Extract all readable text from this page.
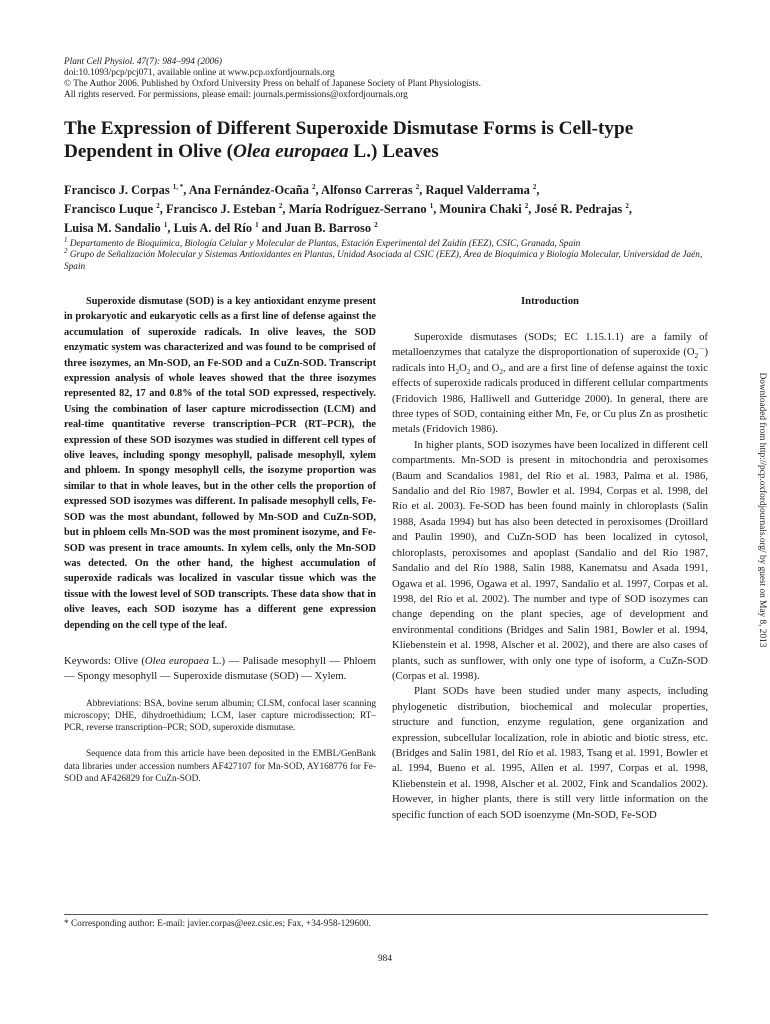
Plant Cell Physiol. 47(7): 984–994 (2006)
doi:10.1093/pcp/pcj071, available online at www.pcp.oxfordjournals.org
© The Author 2006. Published by Oxford University Press on behalf of Japanese Society of Plant Physiologists.
All rights reserved. For permissions, please email: journals.permissions@oxfordjournals.org
The Expression of Different Superoxide Dismutase Forms is Cell-type Dependent in Olive (Olea europaea L.) Leaves
Francisco J. Corpas $^{1, *}$, Ana Fernández-Ocaña $^2$, Alfonso Carreras $^2$, Raquel Valderrama $^2$,
Francisco Luque $^2$, Francisco J. Esteban $^2$, María Rodríguez-Serrano $^1$, Mounira Chaki $^2$, José R. Pedrajas $^2$,
Luisa M. Sandalio $^1$, Luis A. del Río $^1$ and Juan B. Barroso $^2$
$^1$ Departamento de Bioquímica, Biología Celular y Molecular de Plantas, Estación Experimental del Zaidín (EEZ), CSIC, Granada, Spain
$^2$ Grupo de Señalización Molecular y Sistemas Antioxidantes en Plantas, Unidad Asociada al CSIC (EEZ), Área de Bioquímica y Biología Molecular, Universidad de Jaén, Spain

Superoxide dismutase (SOD) is a key antioxidant enzyme present in prokaryotic and eukaryotic cells as a first line of defense against the accumulation of superoxide radicals. In olive leaves, the SOD enzymatic system was characterized and was found to be comprised of three isozymes, an Mn-SOD, an Fe-SOD and a CuZn-SOD. Transcript expression analysis of whole leaves showed that the three isozymes represented 82, 17 and 0.8% of the total SOD expressed, respectively. Using the combination of laser capture microdissection (LCM) and real-time quantitative reverse transcription–PCR (RT–PCR), the expression of these SOD isozymes was studied in different cell types of olive leaves, including spongy mesophyll, palisade mesophyll, xylem and phloem. In spongy mesophyll cells, the isozyme proportion was similar to that in whole leaves, but in the other cells the proportion of expressed SOD isozymes was different. In palisade mesophyll cells, Fe-SOD was the most abundant, followed by Mn-SOD and CuZn-SOD, but in phloem cells Mn-SOD was the most prominent isozyme, and Fe-SOD was present in trace amounts. In xylem cells, only the Mn-SOD was detected. On the other hand, the highest accumulation of superoxide radicals was localized in vascular tissue which was the tissue with the lowest level of SOD transcripts. These data show that in olive leaves, each SOD isozyme has a different gene expression depending on the cell type of the leaf.

Keywords: Olive (Olea europaea L.) — Palisade mesophyll — Phloem — Spongy mesophyll — Superoxide dismutase (SOD) — Xylem.

Abbreviations: BSA, bovine serum albumin; CLSM, confocal laser scanning microscopy; DHE, dihydroethidium; LCM, laser capture microdissection; RT–PCR, reverse transcription–PCR; SOD, superoxide dismutase.

Sequence data from this article have been deposited in the EMBL/GenBank data libraries under accession numbers AF427107 for Mn-SOD, AY168776 for Fe-SOD and AF426829 for CuZn-SOD.

Introduction

Superoxide dismutases (SODs; EC 1.15.1.1) are a family of metalloenzymes that catalyze the disproportionation of superoxide $(O_2^{\cdot-})$ radicals into $H_2O_2$ and $O_2$, and are a first line of defense against the toxic effects of superoxide radicals produced in different cellular compartments (Fridovich 1986, Halliwell and Gutteridge 2000). In general, there are three types of SOD, containing either Mn, Fe, or Cu plus Zn as prosthetic metals (Fridovich 1986).

In higher plants, SOD isozymes have been localized in different cell compartments. Mn-SOD is present in mitochondria and peroxisomes (Baum and Scandalios 1981, del Río et al. 1983, Palma et al. 1986, Sandalio and del Río 1987, Bowler et al. 1994, Corpas et al. 1998, del Río et al. 2003). Fe-SOD has been found mainly in chloroplasts (Salin 1988, Asada 1994) but has also been detected in peroxisomes (Droillard and Paulin 1990), and CuZn-SOD has been localized in cytosol, chloroplasts, peroxisomes and apoplast (Sandalio and del Río 1987, Sandalio and del Río 1988, Salin 1988, Kanematsu and Asada 1991, Ogawa et al. 1996, Ogawa et al. 1997, Sandalio et al. 1997, Corpas et al. 1998, del Río et al. 2002). The number and type of SOD isozymes can change depending on the plant species, age of development and environmental conditions (Bridges and Salin 1981, Bowler et al. 1994, Kliebenstein et al. 1998, Alscher et al. 2002), and there are also cases of plants, such as sunflower, with only one type of isoform, a CuZn-SOD (Corpas et al. 1998).

Plant SODs have been studied under many aspects, including phylogenetic distribution, biochemical and molecular properties, structure and function, enzyme regulation, gene organization and expression, subcellular localization, role in abiotic and biotic stress, etc. (Bridges and Salin 1981, del Río et al. 1983, Tsang et al. 1991, Bowler et al. 1994, Bueno et al. 1995, Allen et al. 1997, Corpas et al. 1998, Kliebenstein et al. 1998, Alscher et al. 2002, Fink and Scandalios 2002). However, in higher plants, there is still very little information on the specific function of each SOD isoenzyme (Mn-SOD, Fe-SOD

* Corresponding author: E-mail: javier.corpas@eez.csic.es; Fax, +34-958-129600.
984
Downloaded from http://pcp.oxfordjournals.org/ by guest on May 8, 2013
